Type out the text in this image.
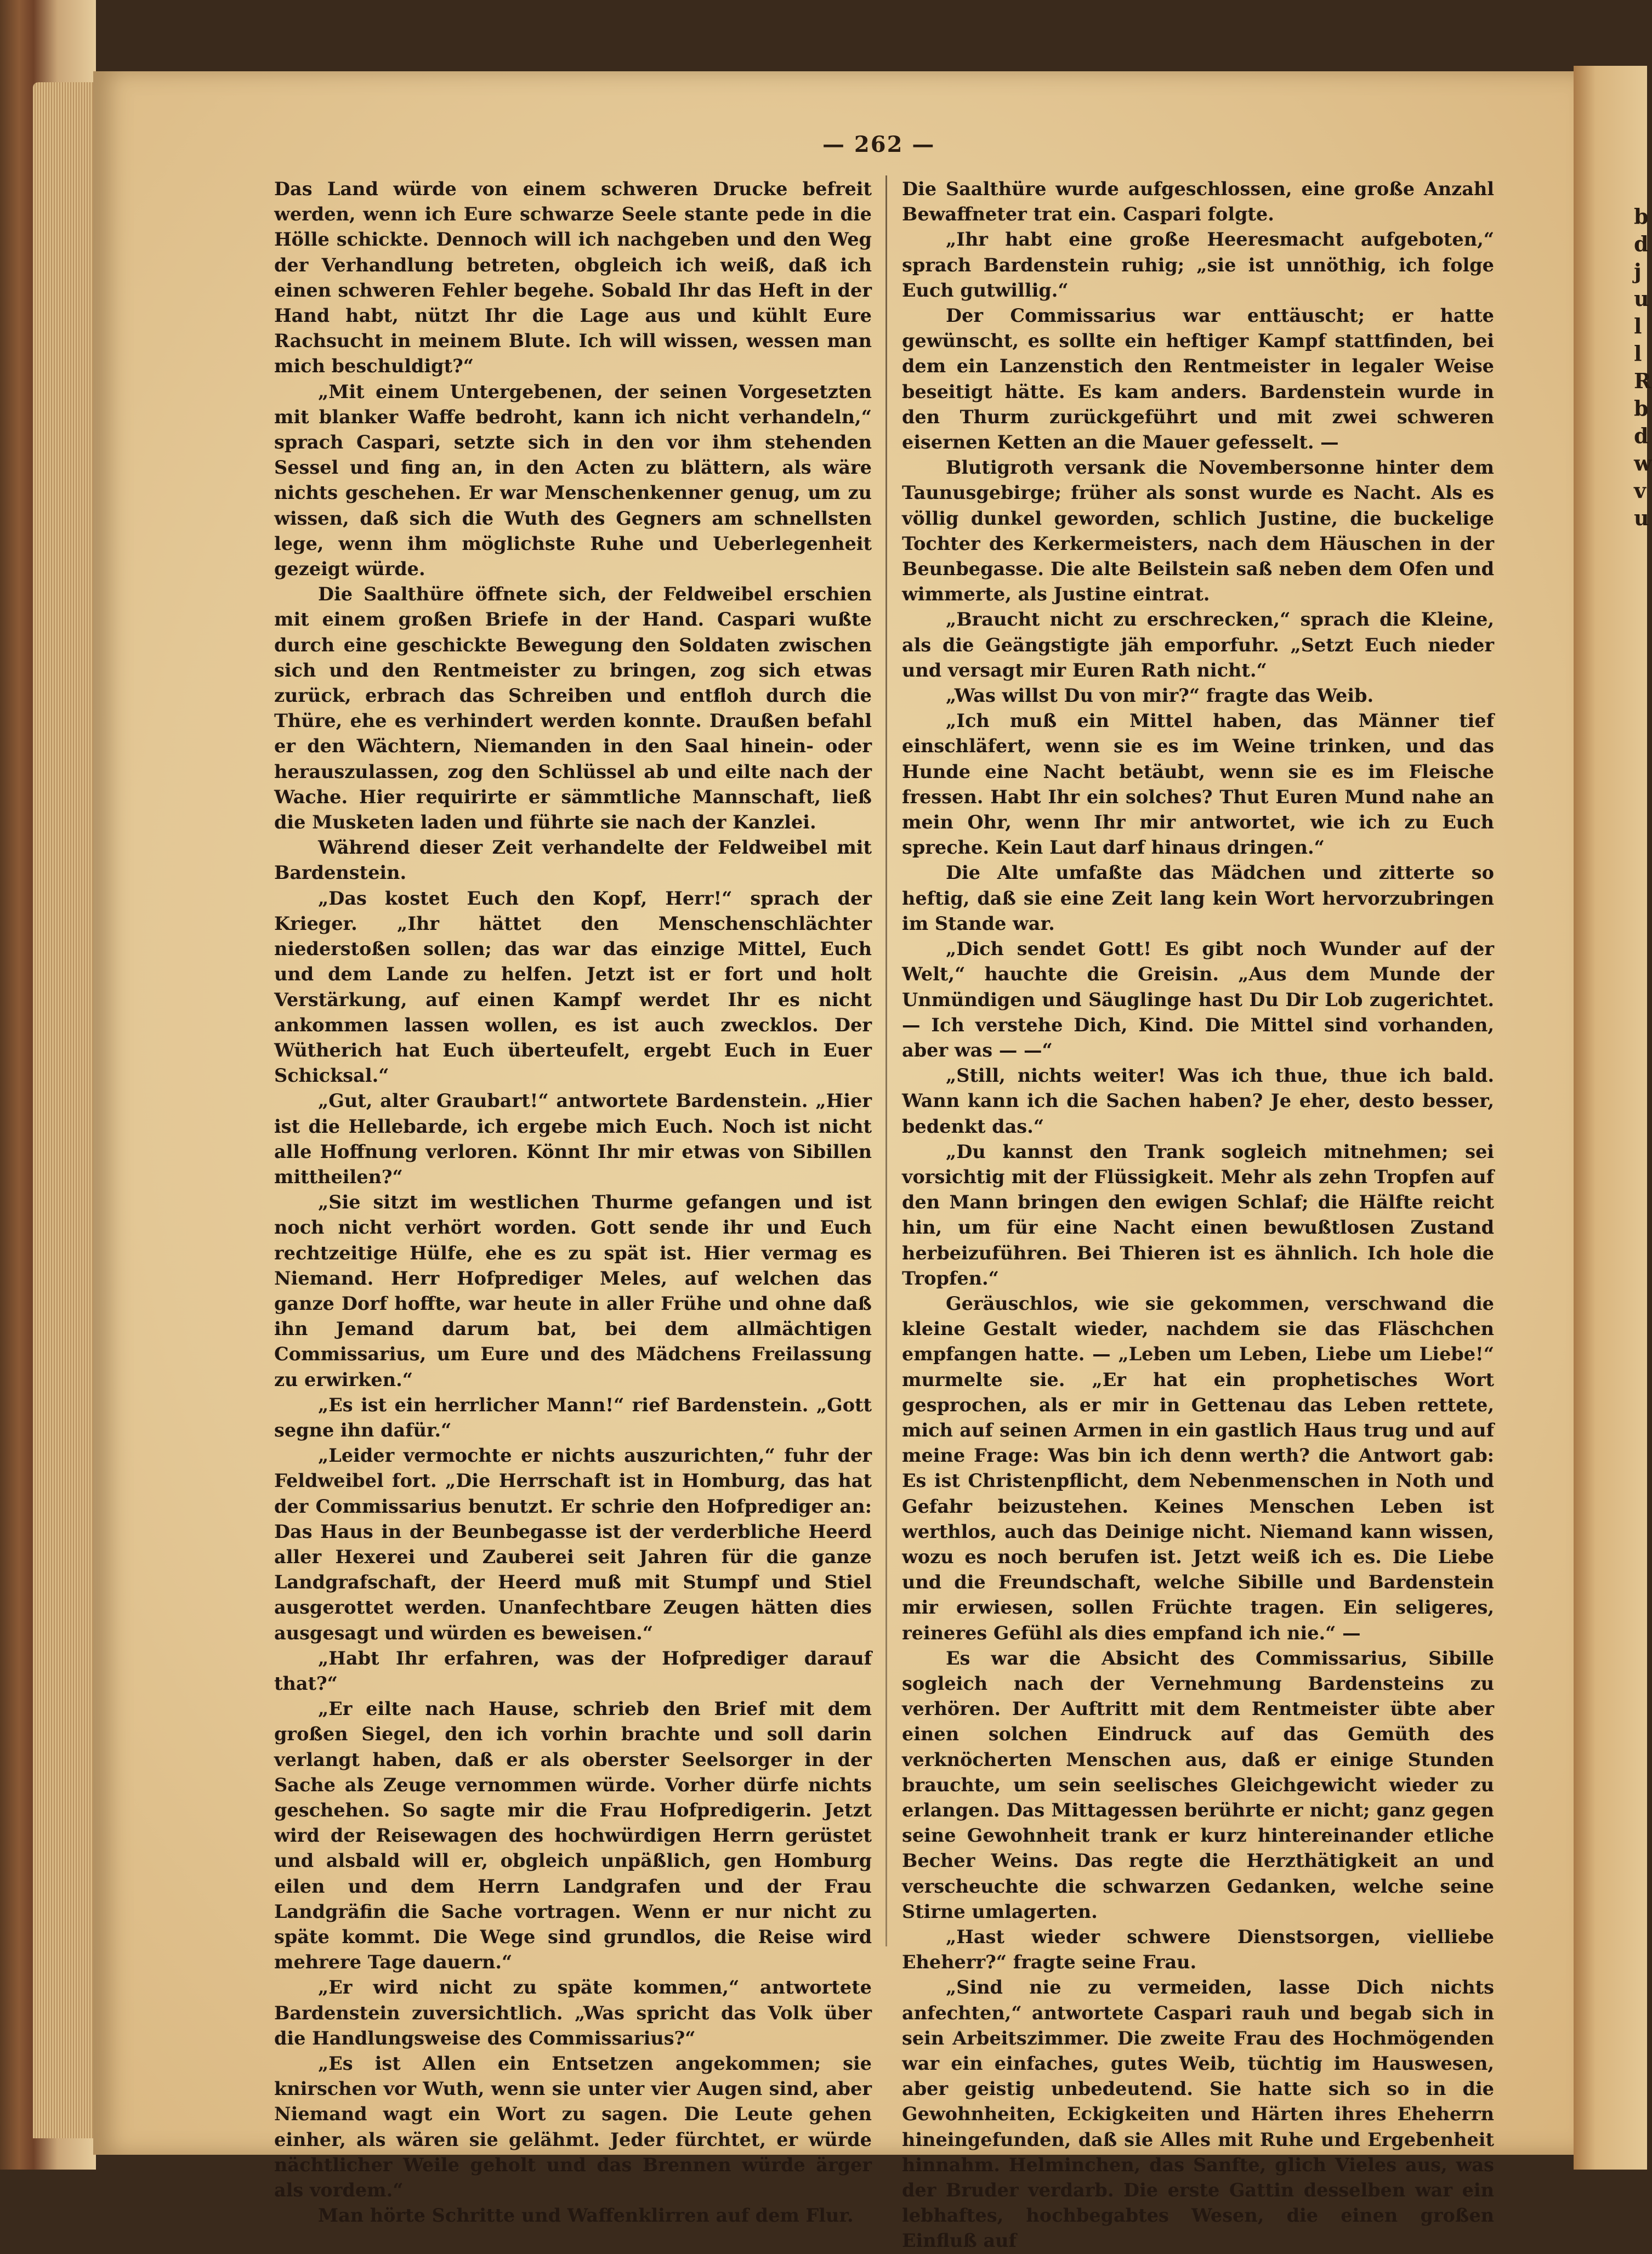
b
d
j
u
l
l
R
b
d
w
v
u
— 262 —

Das Land würde von einem schweren Drucke befreit werden, wenn ich Eure schwarze Seele stante pede in die Hölle schickte. Dennoch will ich nachgeben und den Weg der Verhandlung betreten, obgleich ich weiß, daß ich einen schweren Fehler begehe. Sobald Ihr das Heft in der Hand habt, nützt Ihr die Lage aus und kühlt Eure Rachsucht in meinem Blute. Ich will wissen, wessen man mich beschuldigt?“

„Mit einem Untergebenen, der seinen Vorgesetzten mit blanker Waffe bedroht, kann ich nicht verhandeln,“ sprach Caspari, setzte sich in den vor ihm stehenden Sessel und fing an, in den Acten zu blättern, als wäre nichts geschehen. Er war Menschenkenner genug, um zu wissen, daß sich die Wuth des Gegners am schnellsten lege, wenn ihm möglichste Ruhe und Ueberlegenheit gezeigt würde.

Die Saalthüre öffnete sich, der Feldweibel erschien mit einem großen Briefe in der Hand. Caspari wußte durch eine geschickte Bewegung den Soldaten zwischen sich und den Rentmeister zu bringen, zog sich etwas zurück, erbrach das Schreiben und entfloh durch die Thüre, ehe es verhindert werden konnte. Draußen befahl er den Wächtern, Niemanden in den Saal hinein- oder herauszulassen, zog den Schlüssel ab und eilte nach der Wache. Hier requirirte er sämmtliche Mannschaft, ließ die Musketen laden und führte sie nach der Kanzlei.

Während dieser Zeit verhandelte der Feldweibel mit Bardenstein.

„Das kostet Euch den Kopf, Herr!“ sprach der Krieger. „Ihr hättet den Menschenschlächter niederstoßen sollen; das war das einzige Mittel, Euch und dem Lande zu helfen. Jetzt ist er fort und holt Verstärkung, auf einen Kampf werdet Ihr es nicht ankommen lassen wollen, es ist auch zwecklos. Der Wütherich hat Euch überteufelt, ergebt Euch in Euer Schicksal.“

„Gut, alter Graubart!“ antwortete Bardenstein. „Hier ist die Hellebarde, ich ergebe mich Euch. Noch ist nicht alle Hoffnung verloren. Könnt Ihr mir etwas von Sibillen mittheilen?“

„Sie sitzt im westlichen Thurme gefangen und ist noch nicht verhört worden. Gott sende ihr und Euch rechtzeitige Hülfe, ehe es zu spät ist. Hier vermag es Niemand. Herr Hofprediger Meles, auf welchen das ganze Dorf hoffte, war heute in aller Frühe und ohne daß ihn Jemand darum bat, bei dem allmächtigen Commissarius, um Eure und des Mädchens Freilassung zu erwirken.“

„Es ist ein herrlicher Mann!“ rief Bardenstein. „Gott segne ihn dafür.“

„Leider vermochte er nichts auszurichten,“ fuhr der Feldweibel fort. „Die Herrschaft ist in Homburg, das hat der Commissarius benutzt. Er schrie den Hofprediger an: Das Haus in der Beunbegasse ist der verderbliche Heerd aller Hexerei und Zauberei seit Jahren für die ganze Landgrafschaft, der Heerd muß mit Stumpf und Stiel ausgerottet werden. Unanfechtbare Zeugen hätten dies ausgesagt und würden es beweisen.“

„Habt Ihr erfahren, was der Hofprediger darauf that?“

„Er eilte nach Hause, schrieb den Brief mit dem großen Siegel, den ich vorhin brachte und soll darin verlangt haben, daß er als oberster Seelsorger in der Sache als Zeuge vernommen würde. Vorher dürfe nichts geschehen. So sagte mir die Frau Hofpredigerin. Jetzt wird der Reisewagen des hochwürdigen Herrn gerüstet und alsbald will er, obgleich unpäßlich, gen Homburg eilen und dem Herrn Landgrafen und der Frau Landgräfin die Sache vortragen. Wenn er nur nicht zu späte kommt. Die Wege sind grundlos, die Reise wird mehrere Tage dauern.“

„Er wird nicht zu späte kommen,“ antwortete Bardenstein zuversichtlich. „Was spricht das Volk über die Handlungsweise des Commissarius?“

„Es ist Allen ein Entsetzen angekommen; sie knirschen vor Wuth, wenn sie unter vier Augen sind, aber Niemand wagt ein Wort zu sagen. Die Leute gehen einher, als wären sie gelähmt. Jeder fürchtet, er würde nächtlicher Weile geholt und das Brennen würde ärger als vordem.“

Man hörte Schritte und Waffenklirren auf dem Flur.

Die Saalthüre wurde aufgeschlossen, eine große Anzahl Bewaffneter trat ein. Caspari folgte.

„Ihr habt eine große Heeresmacht aufgeboten,“ sprach Bardenstein ruhig; „sie ist unnöthig, ich folge Euch gutwillig.“

Der Commissarius war enttäuscht; er hatte gewünscht, es sollte ein heftiger Kampf stattfinden, bei dem ein Lanzenstich den Rentmeister in legaler Weise beseitigt hätte. Es kam anders. Bardenstein wurde in den Thurm zurückgeführt und mit zwei schweren eisernen Ketten an die Mauer gefesselt. —

Blutigroth versank die Novembersonne hinter dem Taunusgebirge; früher als sonst wurde es Nacht. Als es völlig dunkel geworden, schlich Justine, die buckelige Tochter des Kerkermeisters, nach dem Häuschen in der Beunbegasse. Die alte Beilstein saß neben dem Ofen und wimmerte, als Justine eintrat.

„Braucht nicht zu erschrecken,“ sprach die Kleine, als die Geängstigte jäh emporfuhr. „Setzt Euch nieder und versagt mir Euren Rath nicht.“

„Was willst Du von mir?“ fragte das Weib.

„Ich muß ein Mittel haben, das Männer tief einschläfert, wenn sie es im Weine trinken, und das Hunde eine Nacht betäubt, wenn sie es im Fleische fressen. Habt Ihr ein solches? Thut Euren Mund nahe an mein Ohr, wenn Ihr mir antwortet, wie ich zu Euch spreche. Kein Laut darf hinaus dringen.“

Die Alte umfaßte das Mädchen und zitterte so heftig, daß sie eine Zeit lang kein Wort hervorzubringen im Stande war.

„Dich sendet Gott! Es gibt noch Wunder auf der Welt,“ hauchte die Greisin. „Aus dem Munde der Unmündigen und Säuglinge hast Du Dir Lob zugerichtet. — Ich verstehe Dich, Kind. Die Mittel sind vorhanden, aber was — —“

„Still, nichts weiter! Was ich thue, thue ich bald. Wann kann ich die Sachen haben? Je eher, desto besser, bedenkt das.“

„Du kannst den Trank sogleich mitnehmen; sei vorsichtig mit der Flüssigkeit. Mehr als zehn Tropfen auf den Mann bringen den ewigen Schlaf; die Hälfte reicht hin, um für eine Nacht einen bewußtlosen Zustand herbeizuführen. Bei Thieren ist es ähnlich. Ich hole die Tropfen.“

Geräuschlos, wie sie gekommen, verschwand die kleine Gestalt wieder, nachdem sie das Fläschchen empfangen hatte. — „Leben um Leben, Liebe um Liebe!“ murmelte sie. „Er hat ein prophetisches Wort gesprochen, als er mir in Gettenau das Leben rettete, mich auf seinen Armen in ein gastlich Haus trug und auf meine Frage: Was bin ich denn werth? die Antwort gab: Es ist Christenpflicht, dem Nebenmenschen in Noth und Gefahr beizustehen. Keines Menschen Leben ist werthlos, auch das Deinige nicht. Niemand kann wissen, wozu es noch berufen ist. Jetzt weiß ich es. Die Liebe und die Freundschaft, welche Sibille und Bardenstein mir erwiesen, sollen Früchte tragen. Ein seligeres, reineres Gefühl als dies empfand ich nie.“ —

Es war die Absicht des Commissarius, Sibille sogleich nach der Vernehmung Bardensteins zu verhören. Der Auftritt mit dem Rentmeister übte aber einen solchen Eindruck auf das Gemüth des verknöcherten Menschen aus, daß er einige Stunden brauchte, um sein seelisches Gleichgewicht wieder zu erlangen. Das Mittagessen berührte er nicht; ganz gegen seine Gewohnheit trank er kurz hintereinander etliche Becher Weins. Das regte die Herzthätigkeit an und verscheuchte die schwarzen Gedanken, welche seine Stirne umlagerten.

„Hast wieder schwere Dienstsorgen, vielliebe Eheherr?“ fragte seine Frau.

„Sind nie zu vermeiden, lasse Dich nichts anfechten,“ antwortete Caspari rauh und begab sich in sein Arbeitszimmer. Die zweite Frau des Hochmögenden war ein einfaches, gutes Weib, tüchtig im Hauswesen, aber geistig unbedeutend. Sie hatte sich so in die Gewohnheiten, Eckigkeiten und Härten ihres Eheherrn hineingefunden, daß sie Alles mit Ruhe und Ergebenheit hinnahm. Helminchen, das Sanfte, glich Vieles aus, was der Bruder verdarb. Die erste Gattin desselben war ein lebhaftes, hochbegabtes Wesen, die einen großen Einfluß auf
